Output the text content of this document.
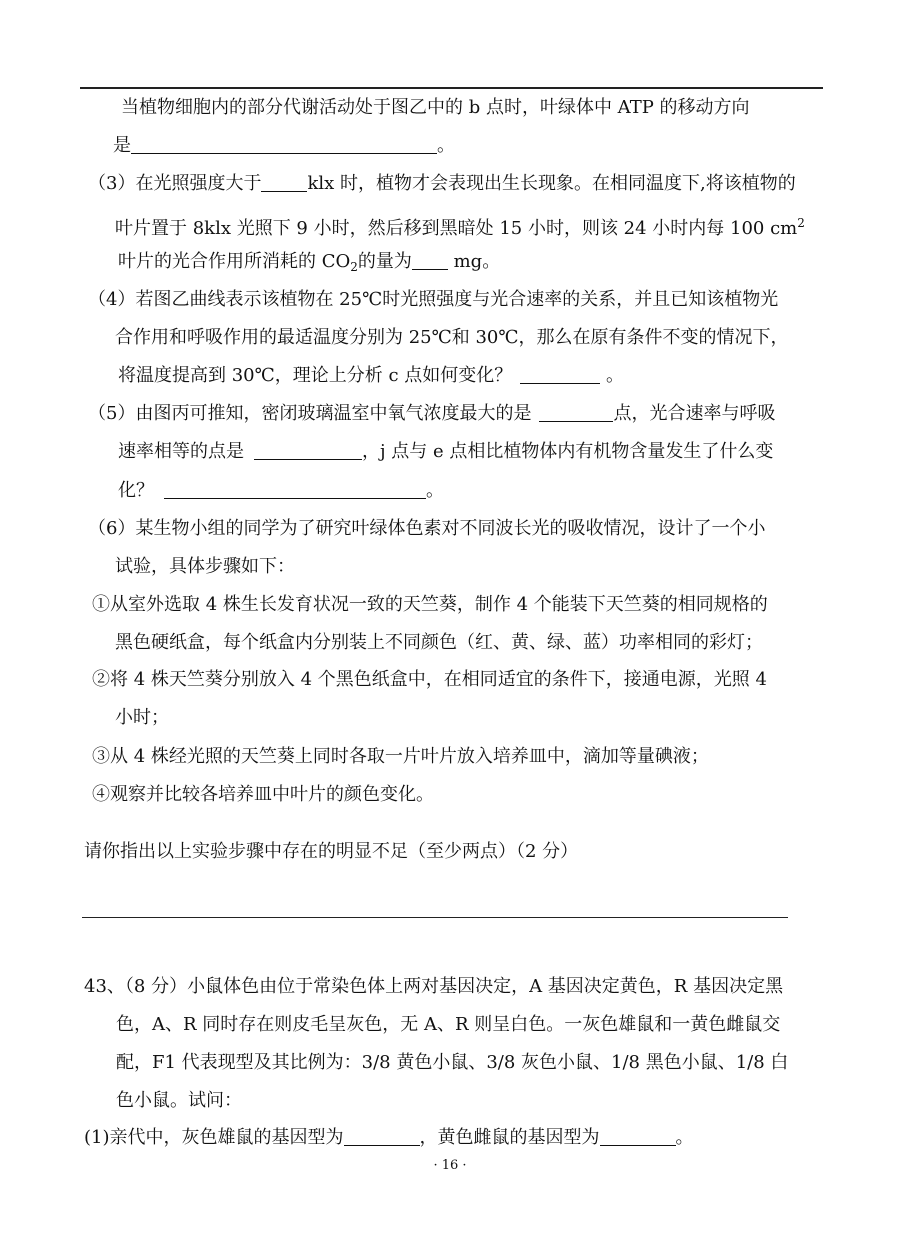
当植物细胞内的部分代谢活动处于图乙中的 b 点时，叶绿体中 ATP 的移动方向
是	。
（3）在光照强度大于	klx 时，植物才会表现出生长现象。在相同温度下,将该植物的
叶片置于 8klx 光照下 9 小时，然后移到黑暗处 15 小时，则该 24 小时内每 100 $cm^2$
叶片的光合作用所消耗的 $CO_2$的量为 mg。
（4）若图乙曲线表示该植物在 25℃时光照强度与光合速率的关系，并且已知该植物光
合作用和呼吸作用的最适温度分别为 25℃和 30℃，那么在原有条件不变的情况下，
将温度提高到 30℃，理论上分析 c 点如何变化？	。
（5）由图丙可推知，密闭玻璃温室中氧气浓度最大的是	点，光合速率与呼吸
速率相等的点是	，j 点与 e 点相比植物体内有机物含量发生了什么变
化？	。
（6）某生物小组的同学为了研究叶绿体色素对不同波长光的吸收情况，设计了一个小
试验，具体步骤如下：
①从室外选取 4 株生长发育状况一致的天竺葵，制作 4 个能装下天竺葵的相同规格的
黑色硬纸盒，每个纸盒内分别装上不同颜色（红、黄、绿、蓝）功率相同的彩灯；
②将 4 株天竺葵分别放入 4 个黑色纸盒中，在相同适宜的条件下，接通电源，光照 4
小时；
③从 4 株经光照的天竺葵上同时各取一片叶片放入培养皿中，滴加等量碘液；
④观察并比较各培养皿中叶片的颜色变化。
请你指出以上实验步骤中存在的明显不足（至少两点）（2 分）
43、（8 分）小鼠体色由位于常染色体上两对基因决定，A 基因决定黄色，R 基因决定黑
色，A、R 同时存在则皮毛呈灰色，无 A、R 则呈白色。一灰色雄鼠和一黄色雌鼠交
配，F1 代表现型及其比例为：3/8 黄色小鼠、3/8 灰色小鼠、1/8 黑色小鼠、1/8 白
色小鼠。试问：
(1)亲代中，灰色雄鼠的基因型为	，黄色雌鼠的基因型为	。
· 16 ·
